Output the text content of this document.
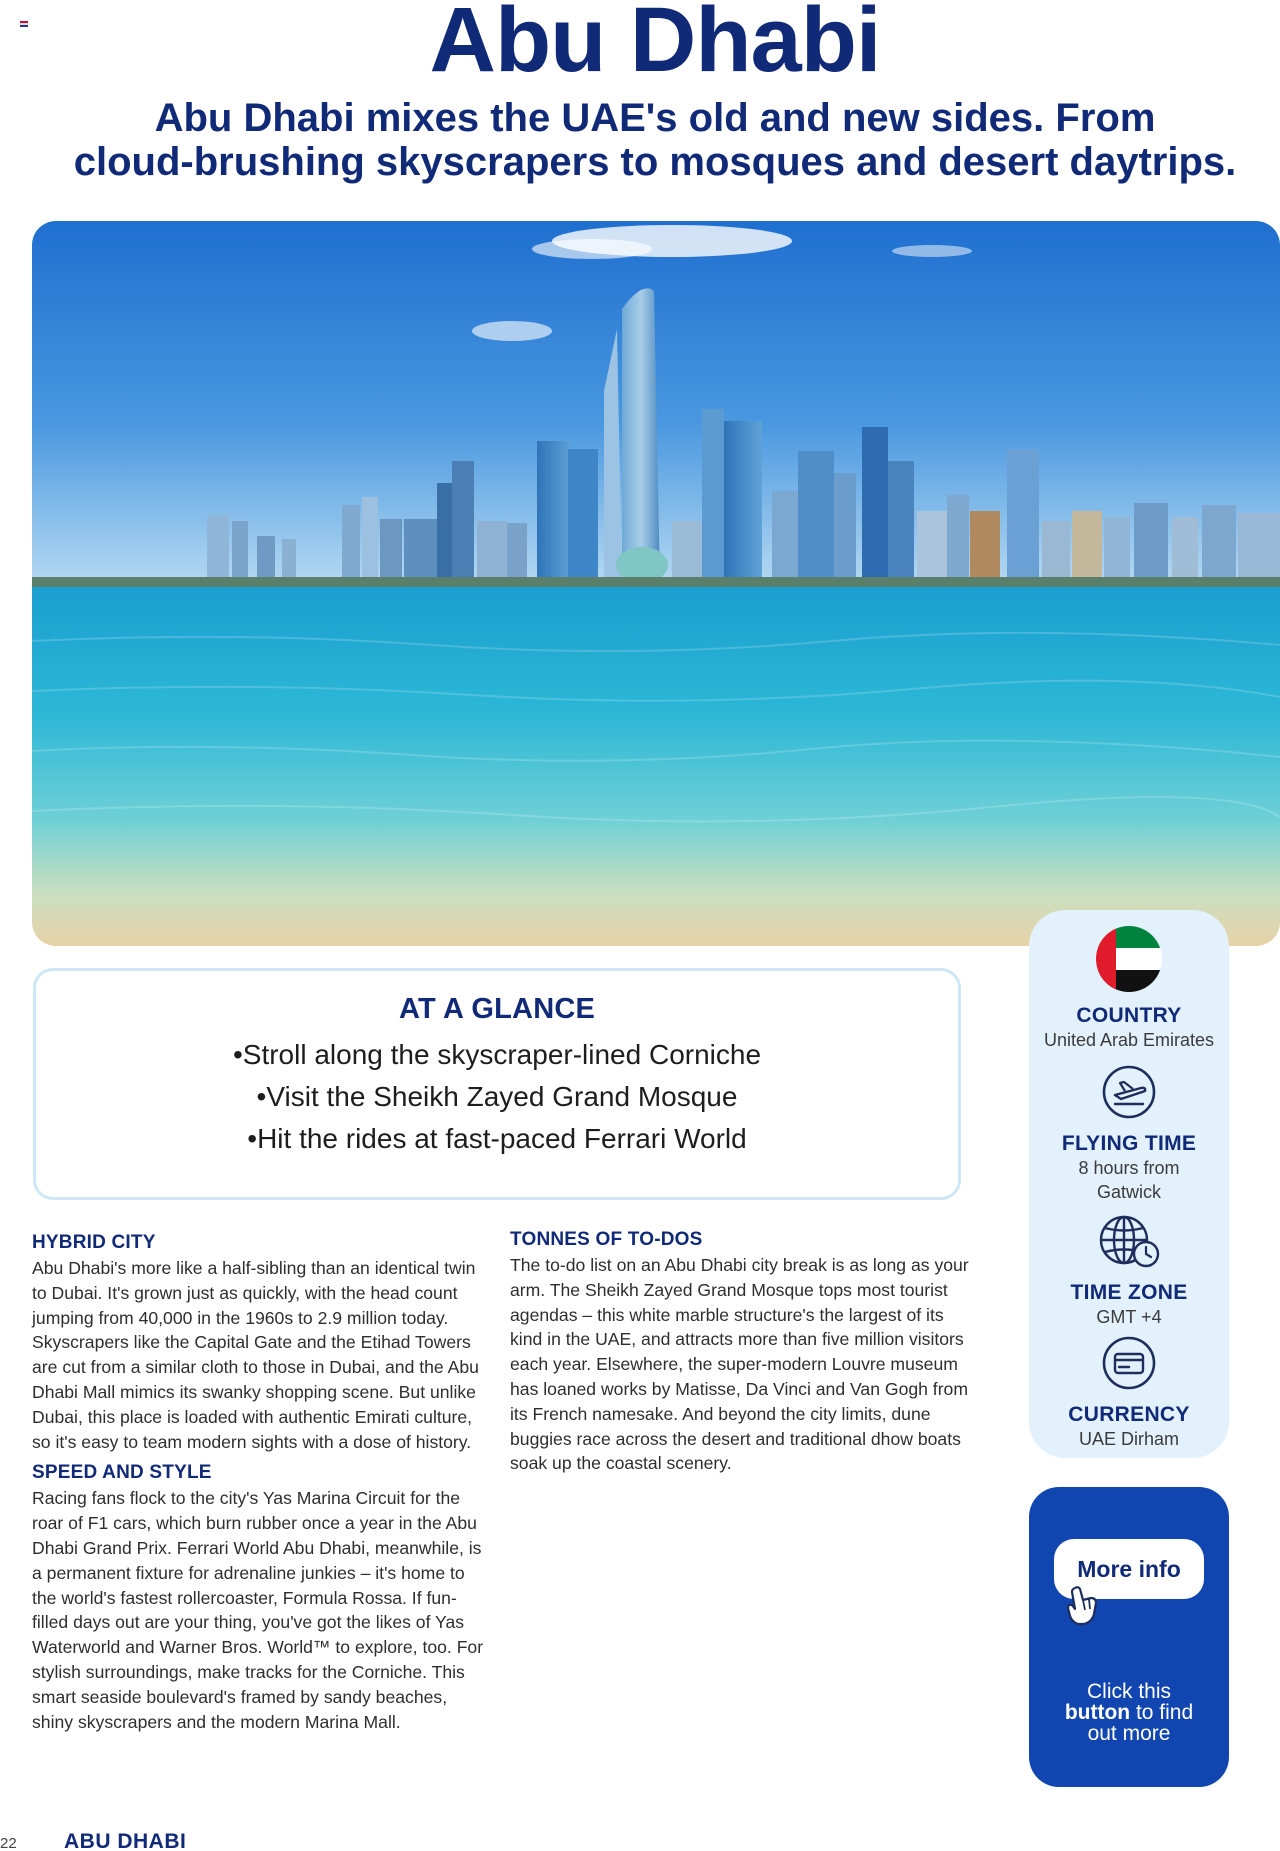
Abu Dhabi
Abu Dhabi mixes the UAE's old and new sides. From
cloud-brushing skyscrapers to mosques and desert daytrips.
AT A GLANCE
• Stroll along the skyscraper-lined Corniche
• Visit the Sheikh Zayed Grand Mosque
• Hit the rides at fast-paced Ferrari World
COUNTRY

United Arab Emirates

FLYING TIME

8 hours from

Gatwick

TIME ZONE

GMT +4

CURRENCY

UAE Dirham

More info
Click this
button to find
out more
HYBRID CITY

Abu Dhabi's more like a half-sibling than an identical twin to Dubai. It's grown just as quickly, with the head count jumping from 40,000 in the 1960s to 2.9 million today. Skyscrapers like the Capital Gate and the Etihad Towers are cut from a similar cloth to those in Dubai, and the Abu Dhabi Mall mimics its swanky shopping scene. But unlike Dubai, this place is loaded with authentic Emirati culture, so it's easy to team modern sights with a dose of history.

SPEED AND STYLE

Racing fans flock to the city's Yas Marina Circuit for the roar of F1 cars, which burn rubber once a year in the Abu Dhabi Grand Prix. Ferrari World Abu Dhabi, meanwhile, is a permanent fixture for adrenaline junkies – it's home to the world's fastest rollercoaster, Formula Rossa. If fun-filled days out are your thing, you've got the likes of Yas Waterworld and Warner Bros. World™ to explore, too. For stylish surroundings, make tracks for the Corniche. This smart seaside boulevard's framed by sandy beaches, shiny skyscrapers and the modern Marina Mall.

TONNES OF TO-DOS

The to-do list on an Abu Dhabi city break is as long as your arm. The Sheikh Zayed Grand Mosque tops most tourist agendas – this white marble structure's the largest of its kind in the UAE, and attracts more than five million visitors each year. Elsewhere, the super-modern Louvre museum has loaned works by Matisse, Da Vinci and Van Gogh from its French namesake. And beyond the city limits, dune buggies race across the desert and traditional dhow boats soak up the coastal scenery.

22 ABU DHABI
